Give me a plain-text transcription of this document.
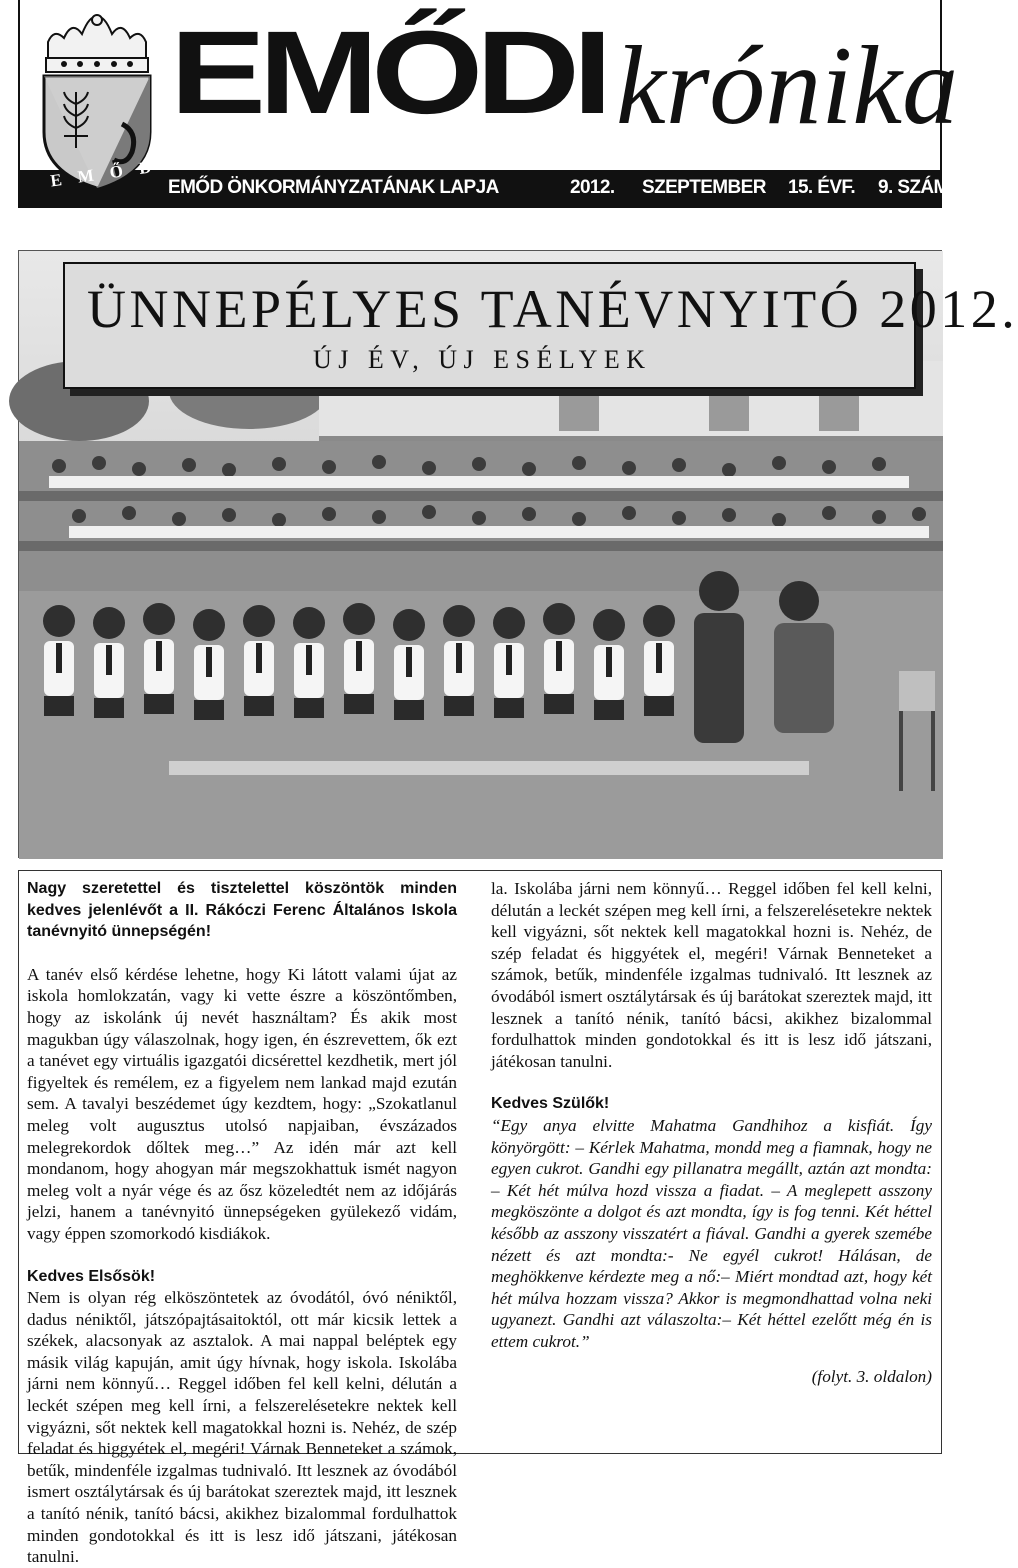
E M Ő D
EMŐDI krónika
EMŐD ÖNKORMÁNYZATÁNAK LAPJA	2012. SZEPTEMBER 15. ÉVF. 9. SZÁM
ÜNNEPÉLYES TANÉVNYITÓ 2012.
ÚJ ÉV, ÚJ ESÉLYEK

Nagy szeretettel és tisztelettel köszöntök minden kedves jelenlévőt a II. Rákóczi Ferenc Általános Iskola tanévnyitó ünnepségén!

A tanév első kérdése lehetne, hogy Ki látott valami újat az iskola homlokzatán, vagy ki vette észre a köszöntőmben, hogy az iskolánk új nevét használtam? És akik most magukban úgy válaszolnak, hogy igen, én észrevettem, ők ezt a tanévet egy virtuális igazgatói dicsérettel kezdhetik, mert jól figyeltek és remélem, ez a figyelem nem lankad majd ezután sem. A tavalyi beszédemet úgy kezdtem, hogy: „Szokatlanul meleg volt augusztus utolsó napjaiban, évszázados melegrekordok dőltek meg…” Az idén már azt kell mondanom, hogy ahogyan már megszokhattuk ismét nagyon meleg volt a nyár vége és az ősz közeledtét nem az időjárás jelzi, hanem a tanévnyitó ünnepségeken gyülekező vidám, vagy éppen szomorkodó kisdiákok.

Kedves Elsősök!

Nem is olyan rég elköszöntetek az óvodától, óvó néniktől, dadus néniktől, játszópajtásaitoktól, ott már kicsik lettek a székek, alacsonyak az asztalok. A mai nappal beléptek egy másik világ kapuján, amit úgy hívnak, hogy iskola. Iskolába járni nem könnyű… Reggel időben fel kell kelni, délután a leckét szépen meg kell írni, a felszerelésetekre nektek kell vigyázni, sőt nektek kell magatokkal hozni is. Nehéz, de szép feladat és higgyétek el, megéri! Várnak Benneteket a számok, betűk, mindenféle izgalmas tudnivaló. Itt lesznek az óvodából ismert osztálytársak és új barátokat szereztek majd, itt lesznek a tanító nénik, tanító bácsi, akikhez bizalommal fordulhattok minden gondotokkal és itt is lesz idő játszani, játékosan tanulni.

la. Iskolába járni nem könnyű… Reggel időben fel kell kelni, délután a leckét szépen meg kell írni, a felszerelésetekre nektek kell vigyázni, sőt nektek kell magatokkal hozni is. Nehéz, de szép feladat és higgyétek el, megéri! Várnak Benneteket a számok, betűk, mindenféle izgalmas tudnivaló. Itt lesznek az óvodából ismert osztálytársak és új barátokat szereztek majd, itt lesznek a tanító nénik, tanító bácsi, akikhez bizalommal fordulhattok minden gondotokkal és itt is lesz idő játszani, játékosan tanulni.

Kedves Szülők!

“Egy anya elvitte Mahatma Gandhihoz a kisfiát. Így könyörgött: – Kérlek Mahatma, mondd meg a fiamnak, hogy ne egyen cukrot. Gandhi egy pillanatra megállt, aztán azt mondta: – Két hét múlva hozd vissza a fiadat. – A meglepett asszony megköszönte a dolgot és azt mondta, így is fog tenni. Két héttel később az asszony visszatért a fiával. Gandhi a gyerek szemébe nézett és azt mondta:- Ne egyél cukrot! Hálásan, de meghökkenve kérdezte meg a nő:– Miért mondtad azt, hogy két hét múlva hozzam vissza? Akkor is megmondhattad volna neki ugyanezt. Gandhi azt válaszolta:– Két héttel ezelőtt még én is ettem cukrot.”

(folyt. 3. oldalon)
